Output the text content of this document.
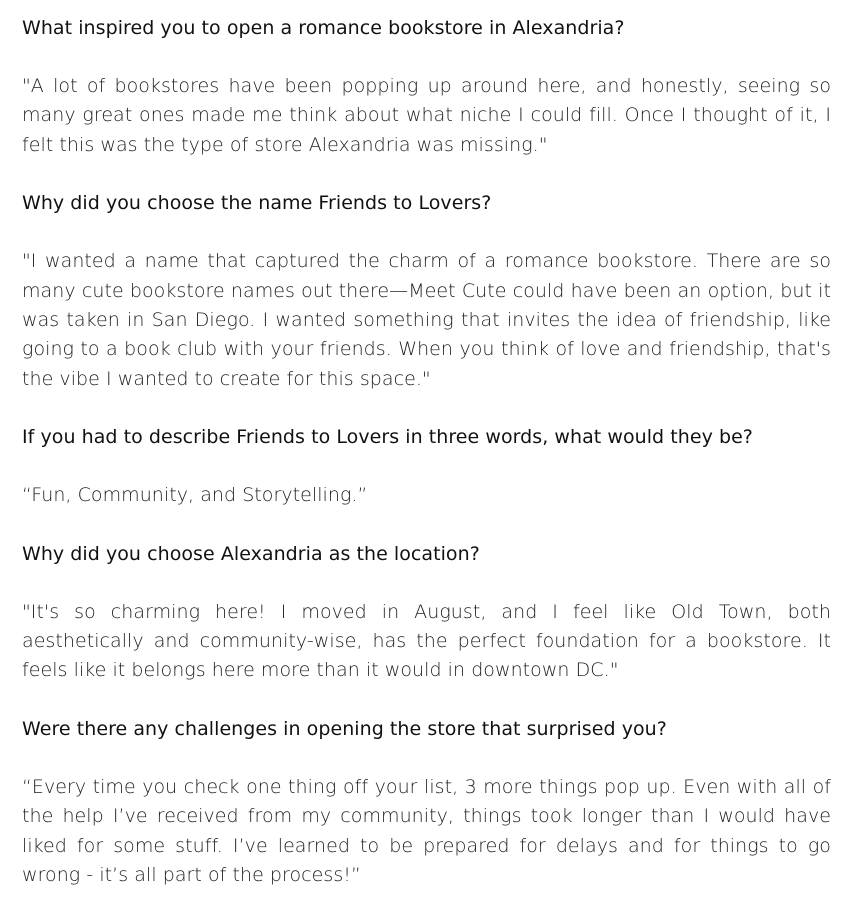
What inspired you to open a romance bookstore in Alexandria?

"A lot of bookstores have been popping up around here, and honestly, seeing so many great ones made me think about what niche I could fill. Once I thought of it, I felt this was the type of store Alexandria was missing."

Why did you choose the name Friends to Lovers?

"I wanted a name that captured the charm of a romance bookstore. There are so many cute bookstore names out there—Meet Cute could have been an option, but it was taken in San Diego. I wanted something that invites the idea of friendship, like going to a book club with your friends. When you think of love and friendship, that's the vibe I wanted to create for this space."

If you had to describe Friends to Lovers in three words, what would they be?

“Fun, Community, and Storytelling.”

Why did you choose Alexandria as the location?

"It's so charming here! I moved in August, and I feel like Old Town, both aesthetically and community-wise, has the perfect foundation for a bookstore. It feels like it belongs here more than it would in downtown DC."

Were there any challenges in opening the store that surprised you?

“Every time you check one thing off your list, 3 more things pop up. Even with all of the help I’ve received from my community, things took longer than I would have liked for some stuff. I’ve learned to be prepared for delays and for things to go wrong - it’s all part of the process!”
